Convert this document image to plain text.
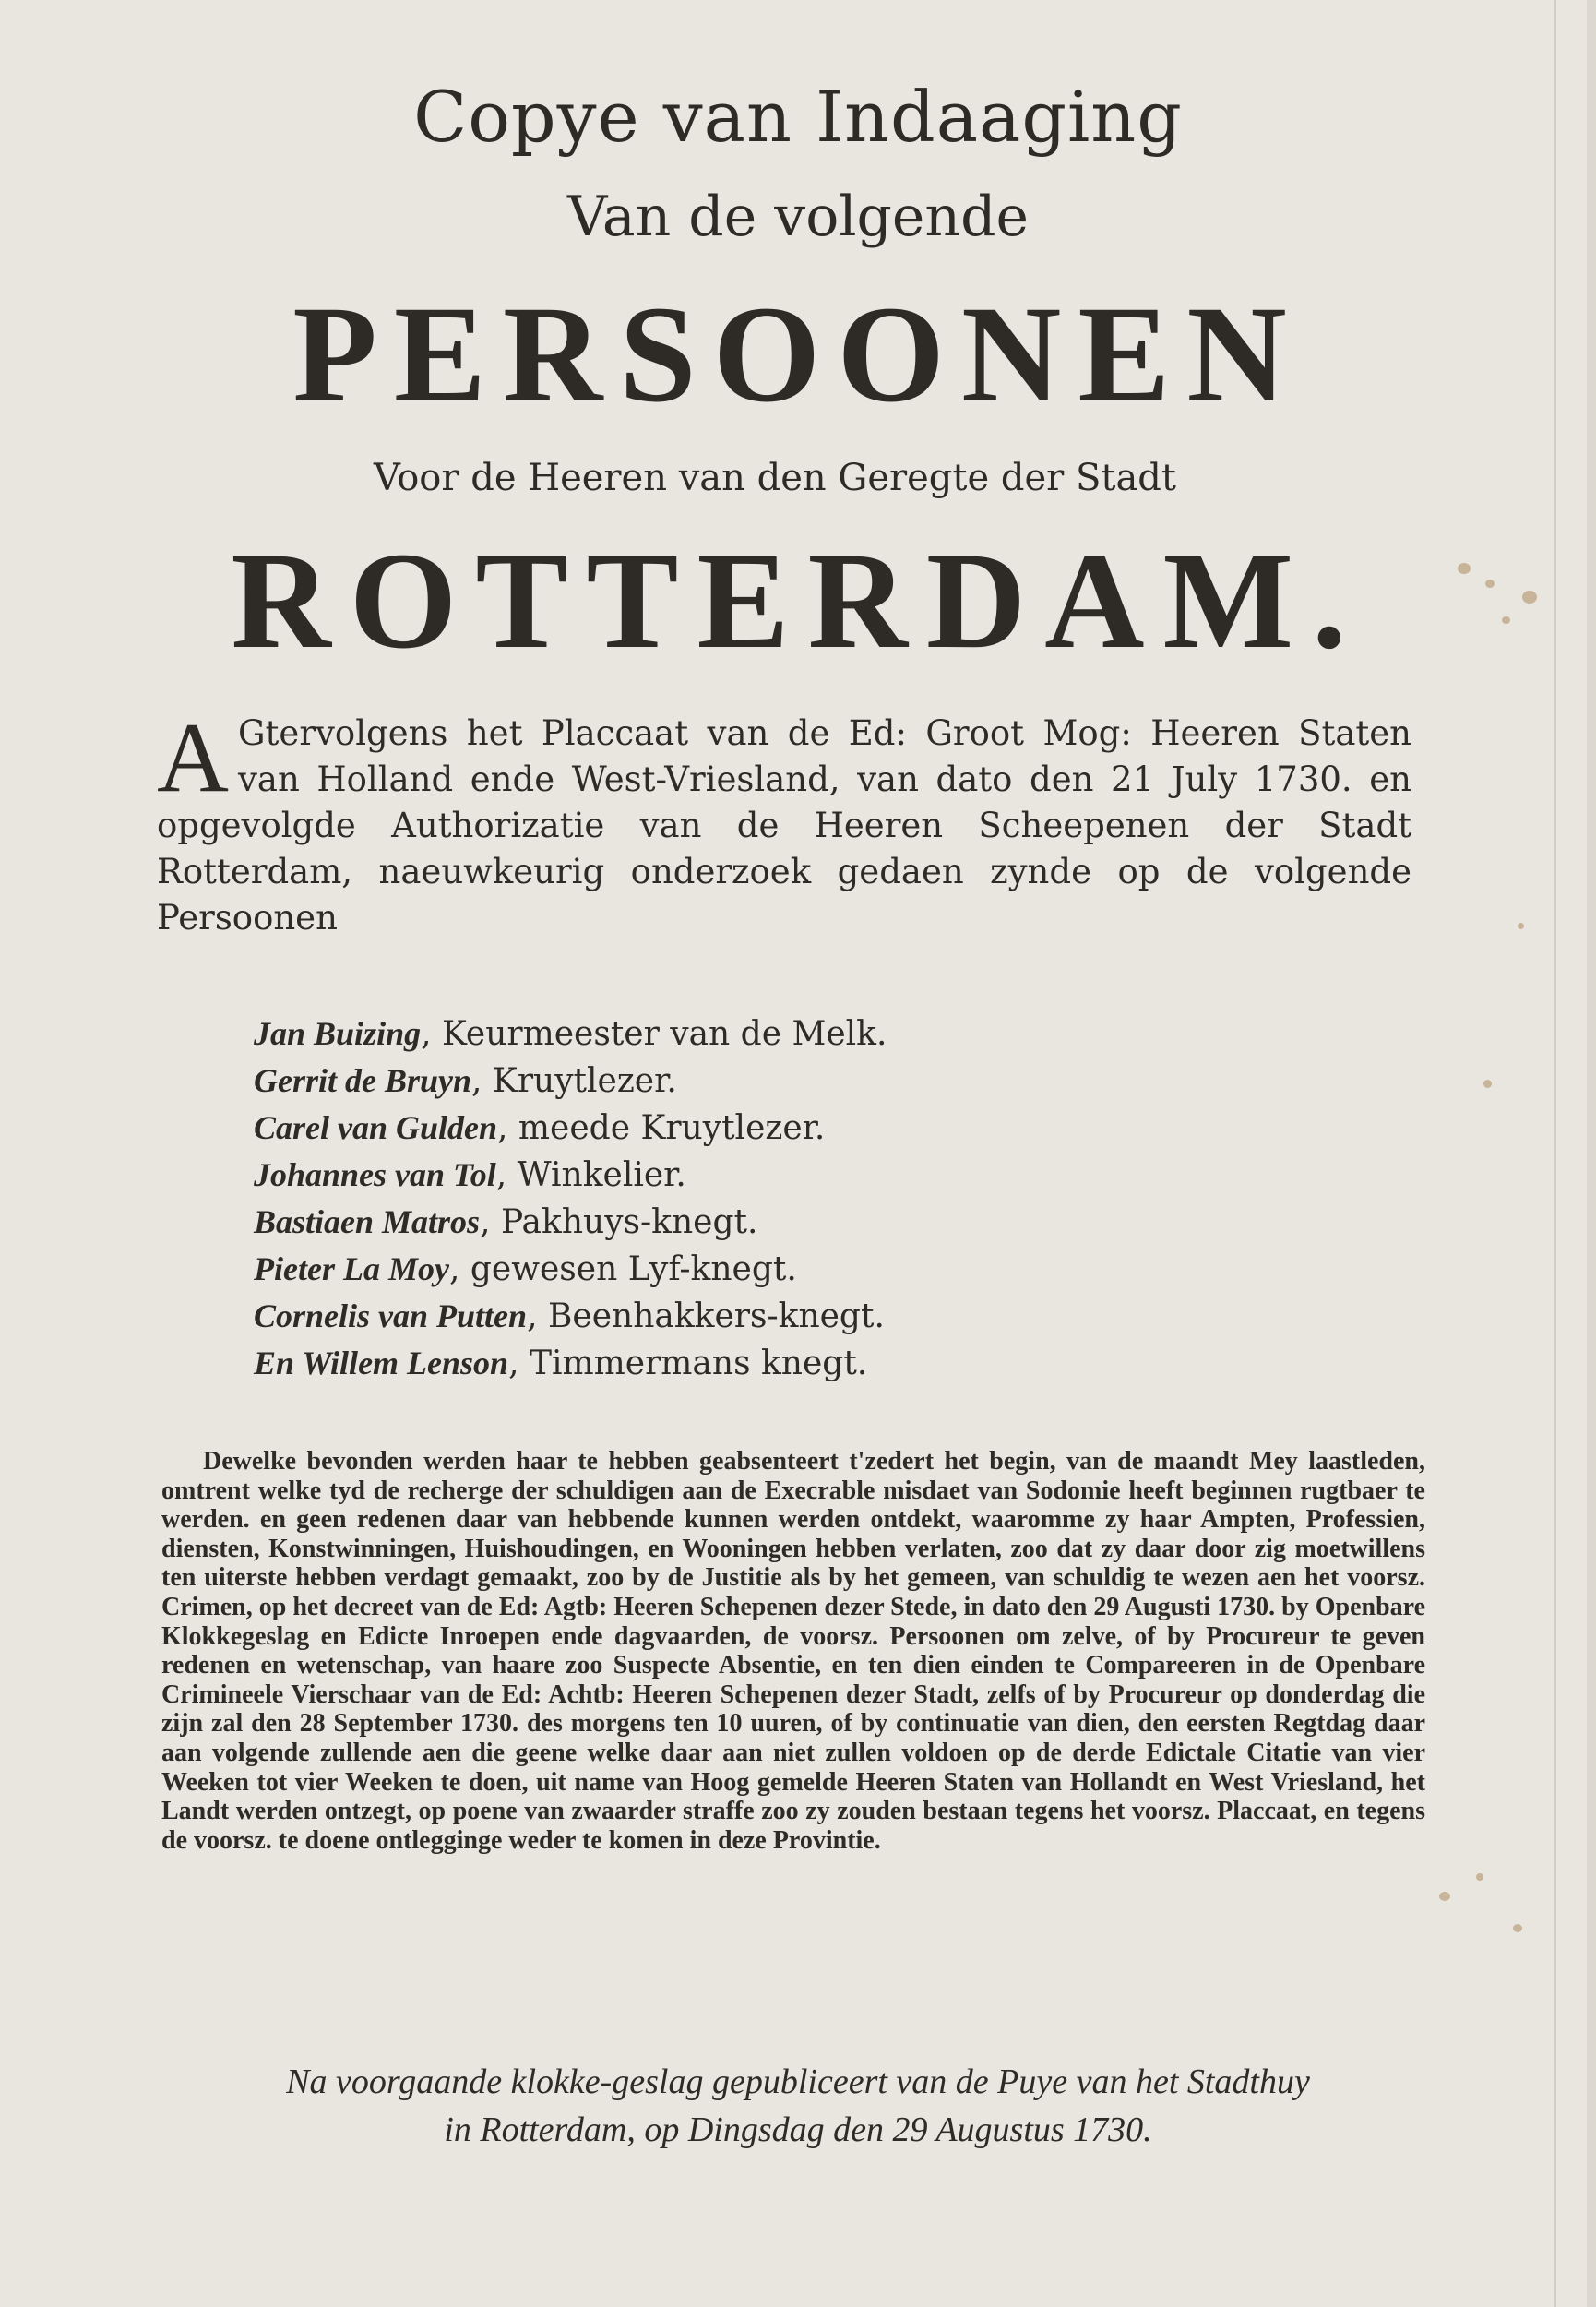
Copye van Indaaging
Van de volgende
PERSOONEN
Voor de Heeren van den Geregte der Stadt
ROTTERDAM.
A Gtervolgens het Placcaat van de Ed: Groot Mog: Heeren Staten van Holland ende West-Vriesland, van dato den 21 July 1730. en opgevolgde Authorizatie van de Heeren Scheepenen der Stadt Rotterdam, naeuwkeurig onderzoek gedaen zynde op de volgende Persoonen
Jan Buizing, Keurmeester van de Melk.
Gerrit de Bruyn, Kruytlezer.
Carel van Gulden, meede Kruytlezer.
Johannes van Tol, Winkelier.
Bastiaen Matros, Pakhuys-knegt.
Pieter La Moy, gewesen Lyf-knegt.
Cornelis van Putten, Beenhakkers-knegt.
En Willem Lenson, Timmermans knegt.
Dewelke bevonden werden haar te hebben geabsenteert t'zedert het begin, van de maandt Mey laastleden, omtrent welke tyd de recherge der schuldigen aan de Execrable misdaet van Sodomie heeft beginnen rugtbaer te werden. en geen redenen daar van hebbende kunnen werden ontdekt, waaromme zy haar Ampten, Professien, diensten, Konstwinningen, Huishoudingen, en Wooningen hebben verlaten, zoo dat zy daar door zig moetwillens ten uiterste hebben verdagt gemaakt, zoo by de Justitie als by het gemeen, van schuldig te wezen aen het voorsz. Crimen, op het decreet van de Ed: Agtb: Heeren Schepenen dezer Stede, in dato den 29 Augusti 1730. by Openbare Klokkegeslag en Edicte Inroepen ende dagvaarden, de voorsz. Persoonen om zelve, of by Procureur te geven redenen en wetenschap, van haare zoo Suspecte Absentie, en ten dien einden te Compareeren in de Openbare Crimineele Vierschaar van de Ed: Achtb: Heeren Schepenen dezer Stadt, zelfs of by Procureur op donderdag die zijn zal den 28 September 1730. des morgens ten 10 uuren, of by continuatie van dien, den eersten Regtdag daar aan volgende zullende aen die geene welke daar aan niet zullen voldoen op de derde Edictale Citatie van vier Weeken tot vier Weeken te doen, uit name van Hoog gemelde Heeren Staten van Hollandt en West Vriesland, het Landt werden ontzegt, op poene van zwaarder straffe zoo zy zouden bestaan tegens het voorsz. Placcaat, en tegens de voorsz. te doene ontlegginge weder te komen in deze Provintie.
Na voorgaande klokke-geslag gepubliceert van de Puye van het Stadthuy
in Rotterdam, op Dingsdag den 29 Augustus 1730.
